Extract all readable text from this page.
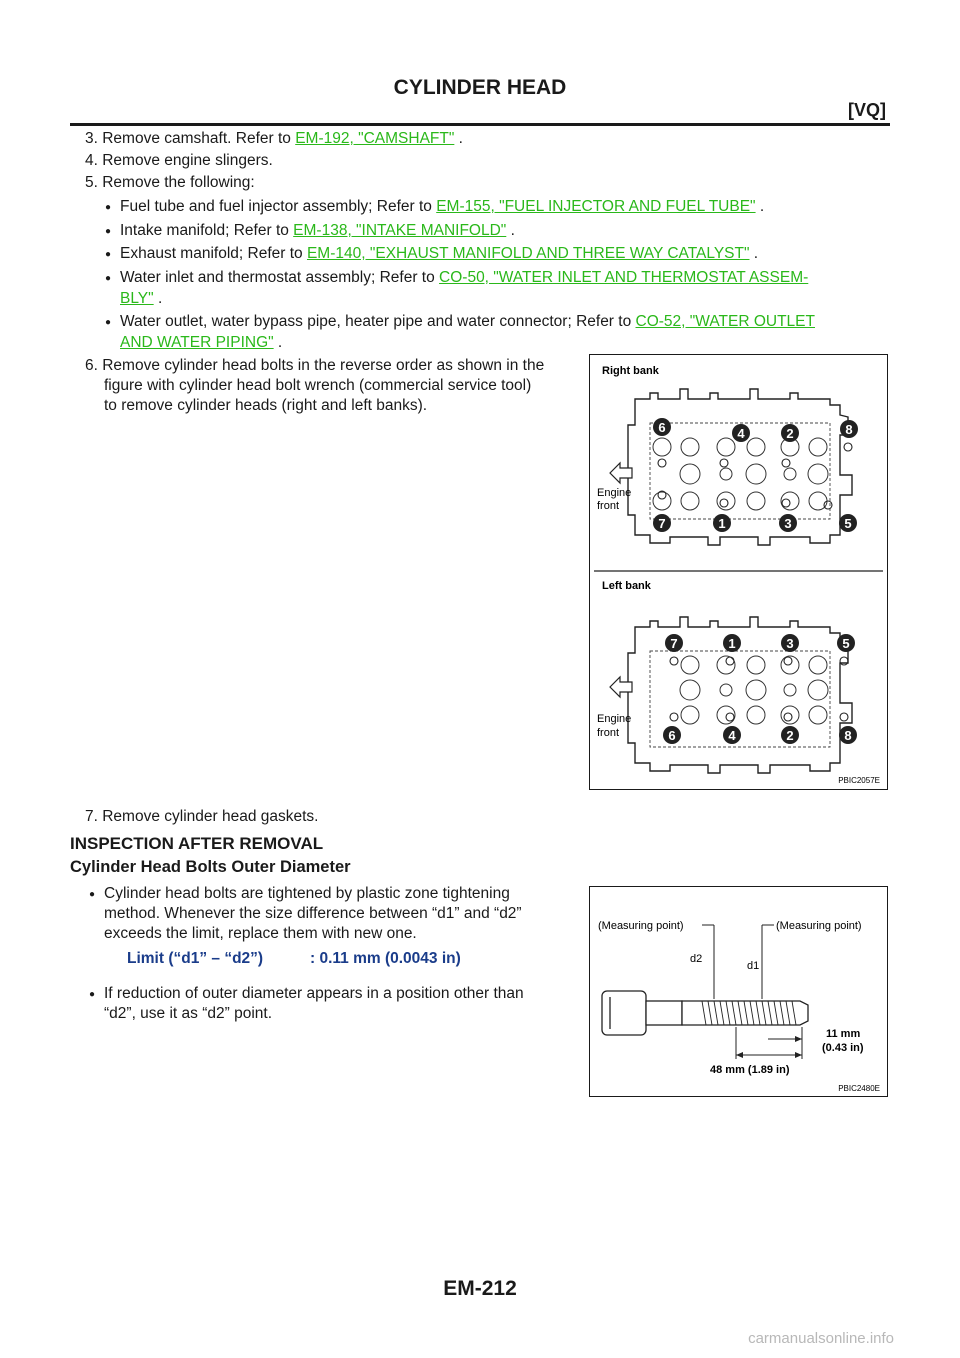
CYLINDER HEAD
[VQ]
3. Remove camshaft. Refer to EM-192, "CAMSHAFT" .
4. Remove engine slingers.
5. Remove the following:
● Fuel tube and fuel injector assembly; Refer to EM-155, "FUEL INJECTOR AND FUEL TUBE" .
● Intake manifold; Refer to EM-138, "INTAKE MANIFOLD" .
● Exhaust manifold; Refer to EM-140, "EXHAUST MANIFOLD AND THREE WAY CATALYST" .
● Water inlet and thermostat assembly; Refer to CO-50, "WATER INLET AND THERMOSTAT ASSEM-
BLY" .
● Water outlet, water bypass pipe, heater pipe and water connector; Refer to CO-52, "WATER OUTLET
AND WATER PIPING" .
6. Remove cylinder head bolts in the reverse order as shown in the
figure with cylinder head bolt wrench (commercial service tool)
to remove cylinder heads (right and left banks).
Right bank
6	4	2	8
7	1	3	5
Engine
front
Left bank
7	1	3	5
6	4	2	8
Engine
front
PBIC2057E
7. Remove cylinder head gaskets.
INSPECTION AFTER REMOVAL
Cylinder Head Bolts Outer Diameter
● Cylinder head bolts are tightened by plastic zone tightening
method. Whenever the size difference between “d1” and “d2”
exceeds the limit, replace them with new one.
Limit (“d1” – “d2”)	: 0.11 mm (0.0043 in)
● If reduction of outer diameter appears in a position other than
“d2”, use it as “d2” point.
(Measuring point)	(Measuring point)
d2
d1
11 mm
(0.43 in)
48 mm (1.89 in)
PBIC2480E
EM-212
carmanualsonline.info
